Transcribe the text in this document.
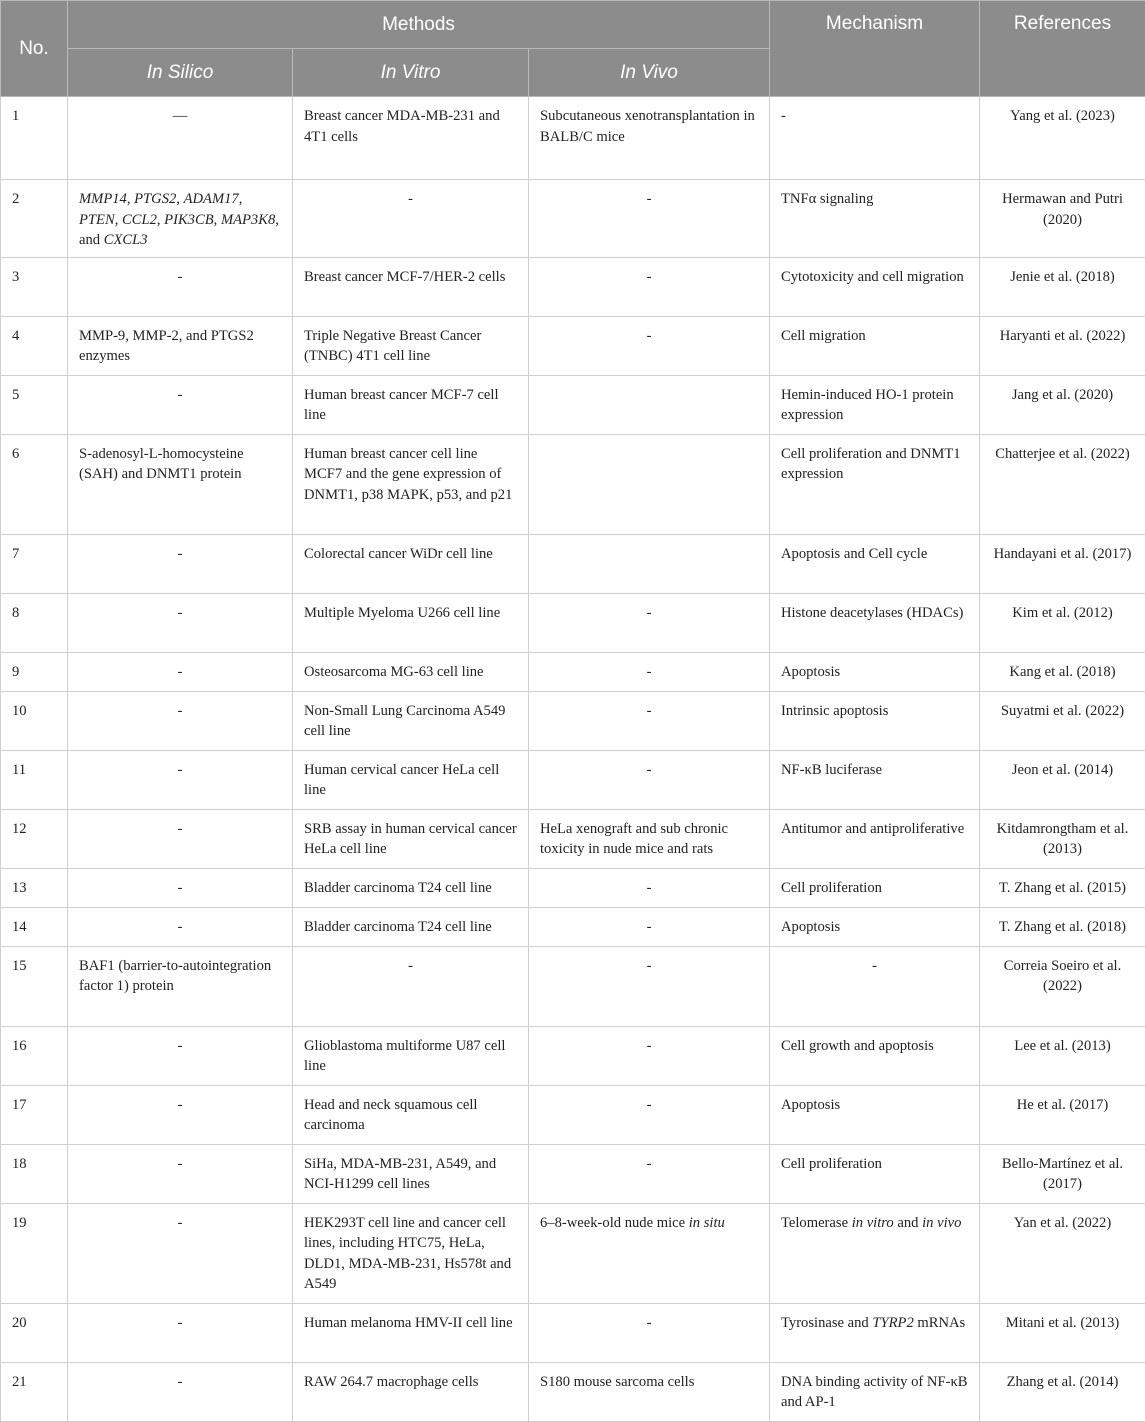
No.	Methods			Mechanism	References
	In Silico	In Vitro	In Vivo		
1	—	Breast cancer MDA-MB-231 and 4T1 cells	Subcutaneous xenotransplantation in BALB/C mice	-	Yang et al. (2023)
2	MMP14, PTGS2, ADAM17, PTEN, CCL2, PIK3CB, MAP3K8, and CXCL3	-	-	TNFα signaling	Hermawan and Putri (2020)
3	-	Breast cancer MCF-7/HER-2 cells	-	Cytotoxicity and cell migration	Jenie et al. (2018)
4	MMP-9, MMP-2, and PTGS2 enzymes	Triple Negative Breast Cancer (TNBC) 4T1 cell line	-	Cell migration	Haryanti et al. (2022)
5	-	Human breast cancer MCF-7 cell line		Hemin-induced HO-1 protein expression	Jang et al. (2020)
6	S-adenosyl-L-homocysteine (SAH) and DNMT1 protein	Human breast cancer cell line MCF7 and the gene expression of DNMT1, p38 MAPK, p53, and p21		Cell proliferation and DNMT1 expression	Chatterjee et al. (2022)
7	-	Colorectal cancer WiDr cell line		Apoptosis and Cell cycle	Handayani et al. (2017)
8	-	Multiple Myeloma U266 cell line	-	Histone deacetylases (HDACs)	Kim et al. (2012)
9	-	Osteosarcoma MG-63 cell line	-	Apoptosis	Kang et al. (2018)
10	-	Non-Small Lung Carcinoma A549 cell line	-	Intrinsic apoptosis	Suyatmi et al. (2022)
11	-	Human cervical cancer HeLa cell line	-	NF-κB luciferase	Jeon et al. (2014)
12	-	SRB assay in human cervical cancer HeLa cell line	HeLa xenograft and sub chronic toxicity in nude mice and rats	Antitumor and antiproliferative	Kitdamrongtham et al. (2013)
13	-	Bladder carcinoma T24 cell line	-	Cell proliferation	T. Zhang et al. (2015)
14	-	Bladder carcinoma T24 cell line	-	Apoptosis	T. Zhang et al. (2018)
15	BAF1 (barrier-to-autointegration factor 1) protein	-	-	-	Correia Soeiro et al. (2022)
16	-	Glioblastoma multiforme U87 cell line	-	Cell growth and apoptosis	Lee et al. (2013)
17	-	Head and neck squamous cell carcinoma	-	Apoptosis	He et al. (2017)
18	-	SiHa, MDA-MB-231, A549, and NCI-H1299 cell lines	-	Cell proliferation	Bello-Martínez et al. (2017)
19	-	HEK293T cell line and cancer cell lines, including HTC75, HeLa, DLD1, MDA-MB-231, Hs578t and A549	6–8-week-old nude mice in situ	Telomerase in vitro and in vivo	Yan et al. (2022)
20	-	Human melanoma HMV-II cell line	-	Tyrosinase and TYRP2 mRNAs	Mitani et al. (2013)
21	-	RAW 264.7 macrophage cells	S180 mouse sarcoma cells	DNA binding activity of NF-κB and AP-1	Zhang et al. (2014)
